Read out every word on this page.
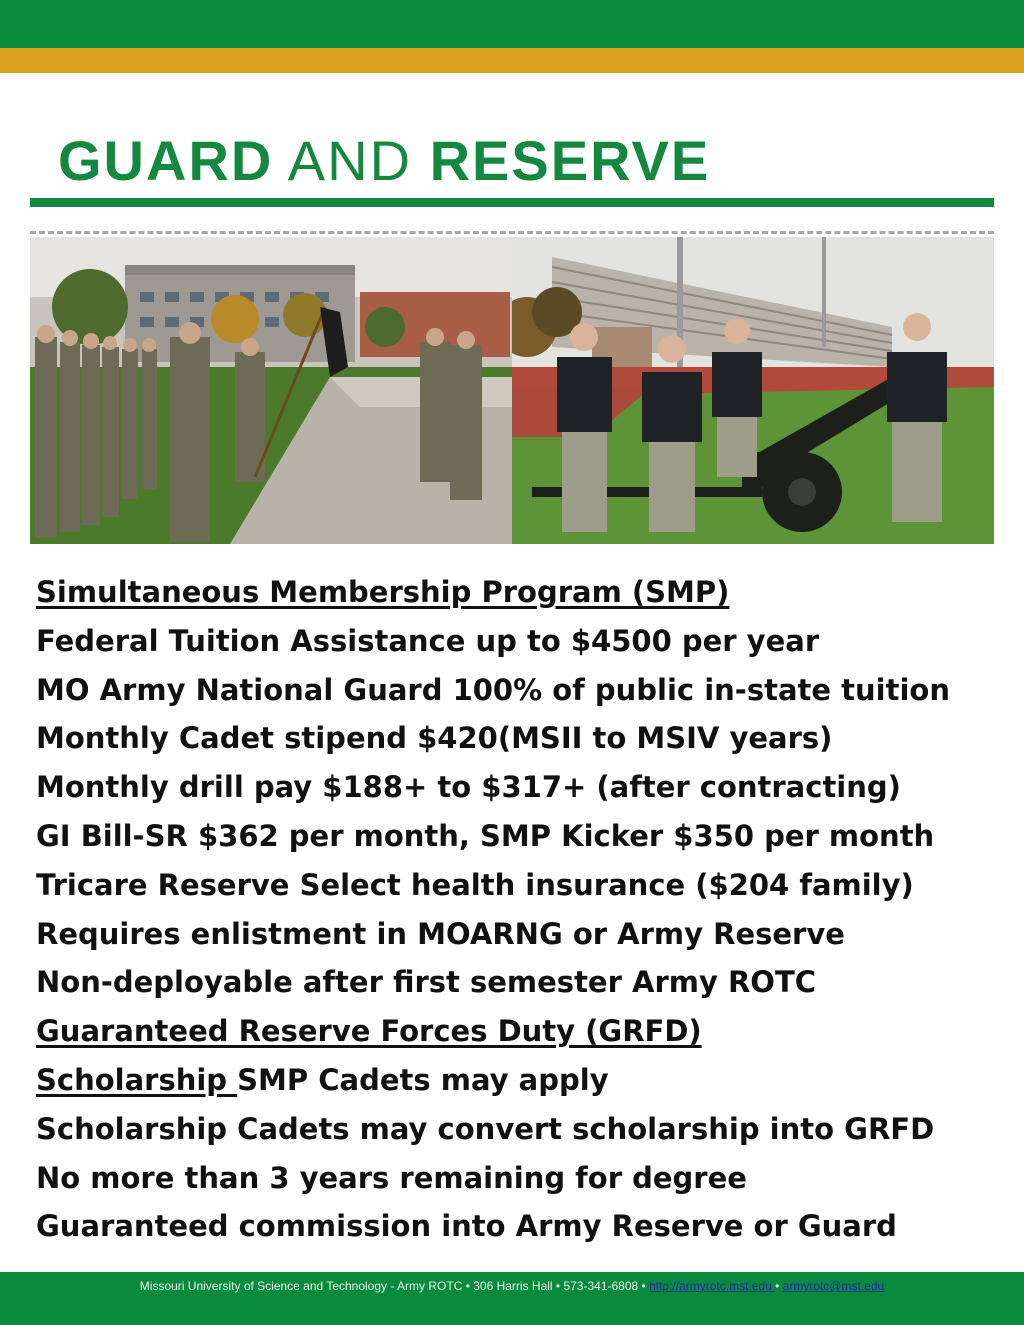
GUARD AND RESERVE
Simultaneous Membership Program (SMP)
Federal Tuition Assistance up to $4500 per year
MO Army National Guard 100% of public in-state tuition
Monthly Cadet stipend $420(MSII to MSIV years)
Monthly drill pay $188+ to $317+ (after contracting)
GI Bill-SR $362 per month, SMP Kicker $350 per month
Tricare Reserve Select health insurance ($204 family)
Requires enlistment in MOARNG or Army Reserve
Non-deployable after first semester Army ROTC
Guaranteed Reserve Forces Duty (GRFD)
Scholarship SMP Cadets may apply
Scholarship Cadets may convert scholarship into GRFD
No more than 3 years remaining for degree
Guaranteed commission into Army Reserve or Guard
Missouri University of Science and Technology - Army ROTC • 306 Harris Hall • 573-341-6808 • http://armyrotc.mst.edu • armyrotc@mst.edu
